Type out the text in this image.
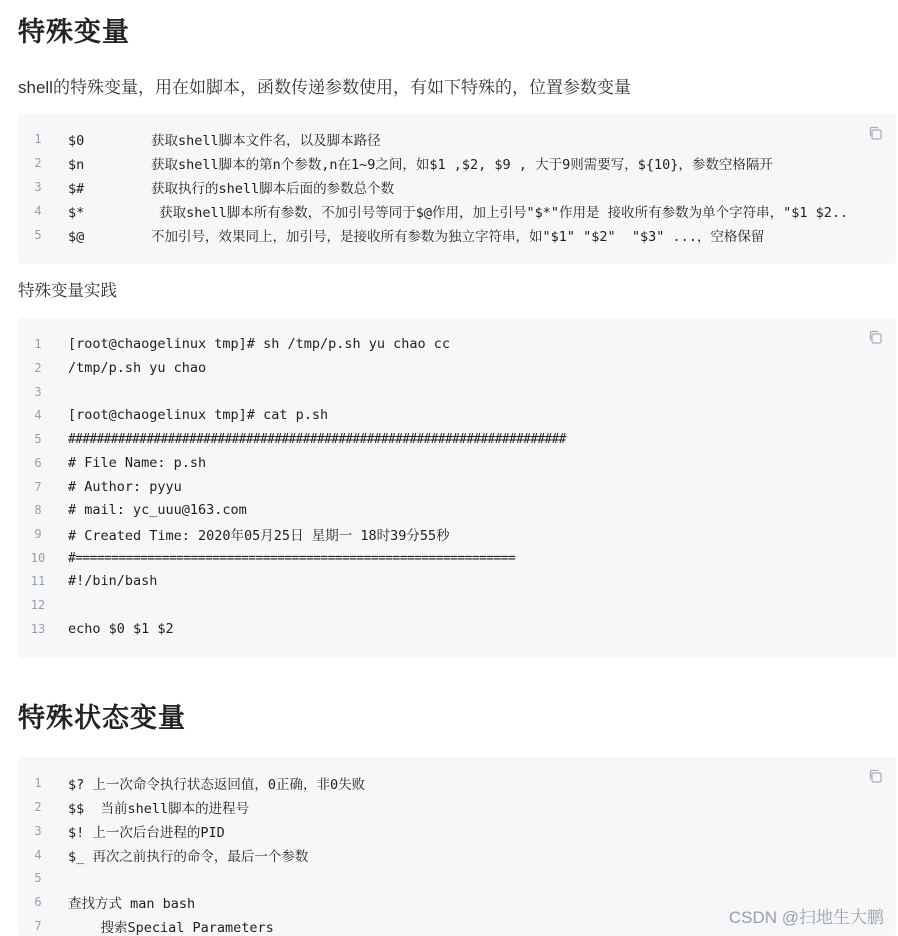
特殊变量

shell的特殊变量，用在如脚本，函数传递参数使用，有如下特殊的，位置参数变量

1	$0	获取shell脚本文件名，以及脚本路径
2	$n	获取shell脚本的第n个参数,n在1~9之间，如$1 ,$2, $9 , 大于9则需要写，${10}，参数空格隔开
3	$#	获取执行的shell脚本后面的参数总个数
4	$*	获取shell脚本所有参数，不加引号等同于$@作用，加上引号"$*"作用是 接收所有参数为单个字符串，"$1 $2..
5	$@	不加引号，效果同上，加引号，是接收所有参数为独立字符串，如"$1" "$2"  "$3" ...，空格保留

特殊变量实践

1	[root@chaogelinux tmp]# sh /tmp/p.sh yu chao cc
2	/tmp/p.sh yu chao
3
4	[root@chaogelinux tmp]# cat p.sh
5	######################################################################
6	# File Name: p.sh
7	# Author: pyyu
8	# mail: yc_uuu@163.com
9	# Created Time: 2020年05月25日 星期一 18时39分55秒
10	#=============================================================
11	#!/bin/bash
12
13	echo $0 $1 $2
特殊状态变量
1	$? 上一次命令执行状态返回值，0正确，非0失败
2	$$  当前shell脚本的进程号
3	$! 上一次后台进程的PID
4	$_ 再次之前执行的命令，最后一个参数
5
6	查找方式 man bash
7	搜索Special Parameters
CSDN @扫地生大鹏
